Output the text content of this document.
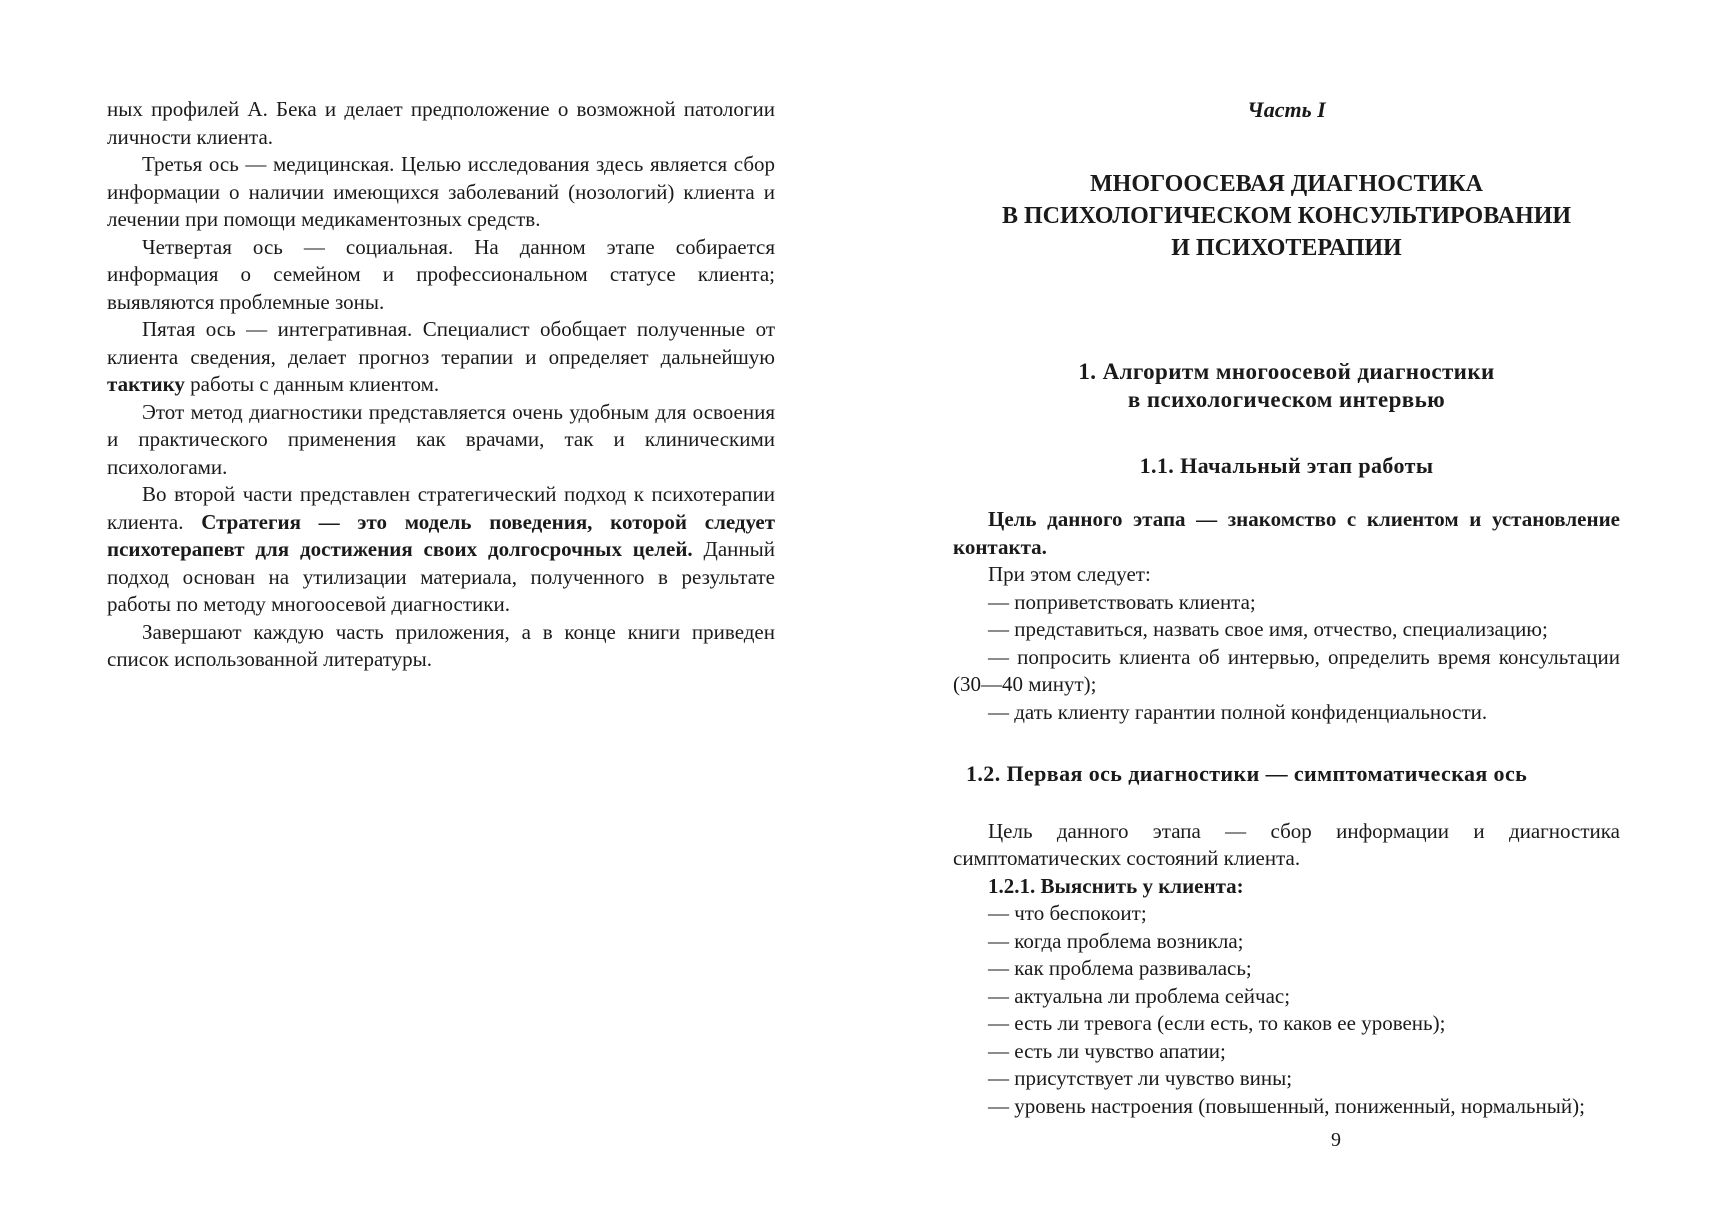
ных профилей А. Бека и делает предположение о возможной патологии личности клиента.

Третья ось — медицинская. Целью исследования здесь является сбор информации о наличии имеющихся заболеваний (нозологий) клиента и лечении при помощи медикаментозных средств.

Четвертая ось — социальная. На данном этапе собирается информация о семейном и профессиональном статусе клиента; выявляются проблемные зоны.

Пятая ось — интегративная. Специалист обобщает полученные от клиента сведения, делает прогноз терапии и определяет дальнейшую тактику работы с данным клиентом.

Этот метод диагностики представляется очень удобным для освоения и практического применения как врачами, так и клиническими психологами.

Во второй части представлен стратегический подход к психотерапии клиента. Стратегия — это модель поведения, которой следует психотерапевт для достижения своих долгосрочных целей. Данный подход основан на утилизации материала, полученного в результате работы по методу многоосевой диагностики.

Завершают каждую часть приложения, а в конце книги приведен список использованной литературы.

Часть I

МНОГООСЕВАЯ ДИАГНОСТИКА
В ПСИХОЛОГИЧЕСКОМ КОНСУЛЬТИРОВАНИИ
И ПСИХОТЕРАПИИ
1. Алгоритм многоосевой диагностики
в психологическом интервью

1.1. Начальный этап работы

Цель данного этапа — знакомство с клиентом и установление контакта.

При этом следует:

— поприветствовать клиента;

— представиться, назвать свое имя, отчество, специализацию;

— попросить клиента об интервью, определить время консультации (30—40 минут);

— дать клиенту гарантии полной конфиденциальности.

1.2. Первая ось диагностики — симптоматическая ось

Цель данного этапа — сбор информации и диагностика симптоматических состояний клиента.

1.2.1. Выяснить у клиента:

— что беспокоит;

— когда проблема возникла;

— как проблема развивалась;

— актуальна ли проблема сейчас;

— есть ли тревога (если есть, то каков ее уровень);

— есть ли чувство апатии;

— присутствует ли чувство вины;

— уровень настроения (повышенный, пониженный, нормальный);

9
